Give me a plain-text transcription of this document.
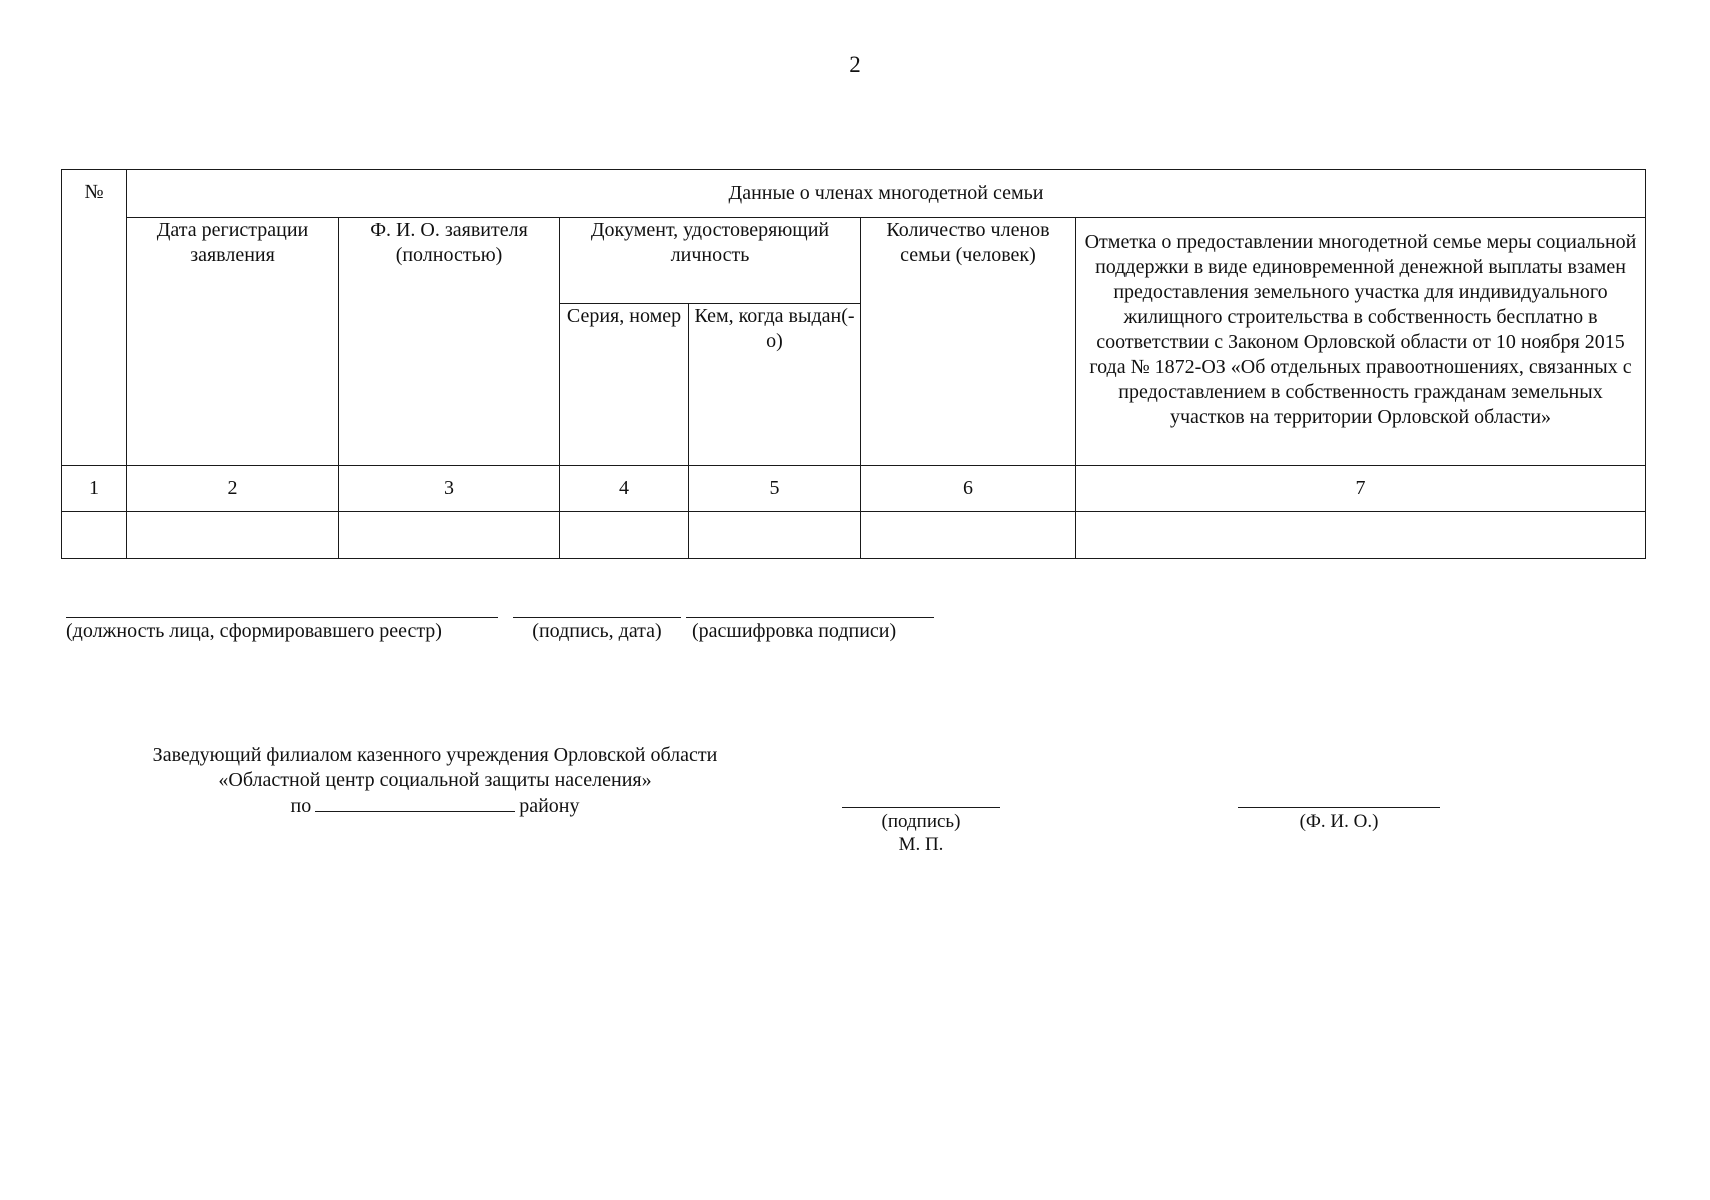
2
№	Данные о членах многодетной семьи					
	Дата регистрации заявления	Ф. И. О. заявителя (полностью)	Документ, удостоверяющий личность		Количество членов семьи (человек)	Отметка о предоставлении многодетной семье меры социальной поддержки в виде единовременной денежной выплаты взамен предоставления земельного участка для индивидуального жилищного строительства в собственность бесплатно в соответствии с Законом Орловской области от 10 ноября 2015 года № 1872-ОЗ «Об отдельных правоотношениях, связанных с предоставлением в собственность гражданам земельных участков на территории Орловской области»
			Серия, номер	Кем, когда выдан(-о)		
1	2	3	4	5	6	7

(должность лица, сформировавшего реестр)	(подпись, дата)	(расшифровка подписи)
Заведующий филиалом казенного учреждения Орловской области
«Областной центр социальной защиты населения»
по	району
(подпись)
М. П.
(Ф. И. О.)
